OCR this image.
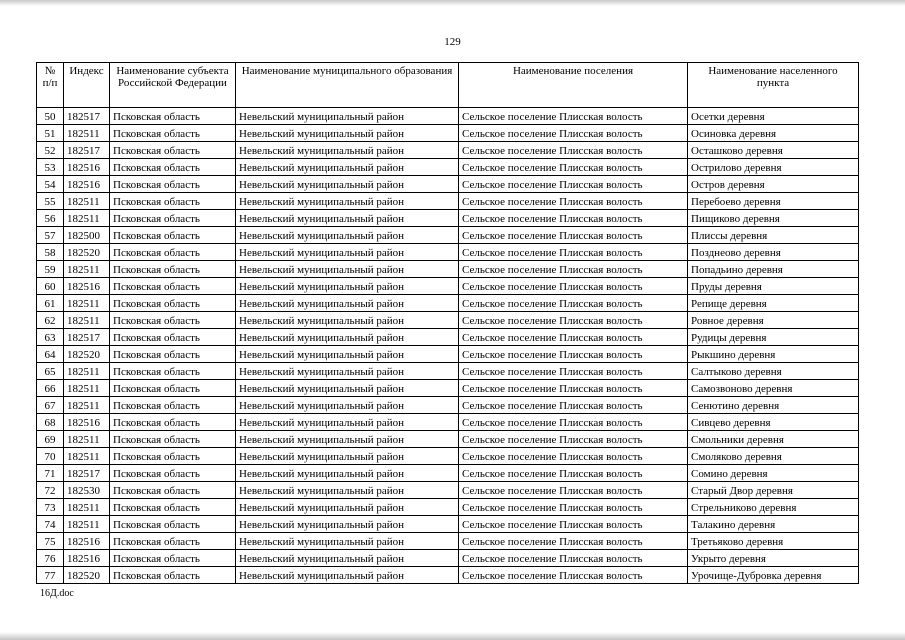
129
№ п/п	Индекс	Наименование субъекта Российской Федерации	Наименование муниципального образования	Наименование поселения	Наименование населенного пункта
50	182517	Псковская область	Невельский муниципальный район	Сельское поселение Плисская волость	Осетки деревня
51	182511	Псковская область	Невельский муниципальный район	Сельское поселение Плисская волость	Осиновка деревня
52	182517	Псковская область	Невельский муниципальный район	Сельское поселение Плисская волость	Осташково деревня
53	182516	Псковская область	Невельский муниципальный район	Сельское поселение Плисская волость	Острилово деревня
54	182516	Псковская область	Невельский муниципальный район	Сельское поселение Плисская волость	Остров деревня
55	182511	Псковская область	Невельский муниципальный район	Сельское поселение Плисская волость	Перебоево деревня
56	182511	Псковская область	Невельский муниципальный район	Сельское поселение Плисская волость	Пищиково деревня
57	182500	Псковская область	Невельский муниципальный район	Сельское поселение Плисская волость	Плиссы деревня
58	182520	Псковская область	Невельский муниципальный район	Сельское поселение Плисская волость	Позднеово деревня
59	182511	Псковская область	Невельский муниципальный район	Сельское поселение Плисская волость	Попадьино деревня
60	182516	Псковская область	Невельский муниципальный район	Сельское поселение Плисская волость	Пруды деревня
61	182511	Псковская область	Невельский муниципальный район	Сельское поселение Плисская волость	Репище деревня
62	182511	Псковская область	Невельский муниципальный район	Сельское поселение Плисская волость	Ровное деревня
63	182517	Псковская область	Невельский муниципальный район	Сельское поселение Плисская волость	Рудицы деревня
64	182520	Псковская область	Невельский муниципальный район	Сельское поселение Плисская волость	Рыкшино деревня
65	182511	Псковская область	Невельский муниципальный район	Сельское поселение Плисская волость	Салтыково деревня
66	182511	Псковская область	Невельский муниципальный район	Сельское поселение Плисская волость	Самозвоново деревня
67	182511	Псковская область	Невельский муниципальный район	Сельское поселение Плисская волость	Сенютино деревня
68	182516	Псковская область	Невельский муниципальный район	Сельское поселение Плисская волость	Сивцево деревня
69	182511	Псковская область	Невельский муниципальный район	Сельское поселение Плисская волость	Смольники деревня
70	182511	Псковская область	Невельский муниципальный район	Сельское поселение Плисская волость	Смоляково деревня
71	182517	Псковская область	Невельский муниципальный район	Сельское поселение Плисская волость	Сомино деревня
72	182530	Псковская область	Невельский муниципальный район	Сельское поселение Плисская волость	Старый Двор деревня
73	182511	Псковская область	Невельский муниципальный район	Сельское поселение Плисская волость	Стрельниково деревня
74	182511	Псковская область	Невельский муниципальный район	Сельское поселение Плисская волость	Талакино деревня
75	182516	Псковская область	Невельский муниципальный район	Сельское поселение Плисская волость	Третьяково деревня
76	182516	Псковская область	Невельский муниципальный район	Сельское поселение Плисская волость	Укрыто деревня
77	182520	Псковская область	Невельский муниципальный район	Сельское поселение Плисская волость	Урочище-Дубровка деревня
16Д.doc
